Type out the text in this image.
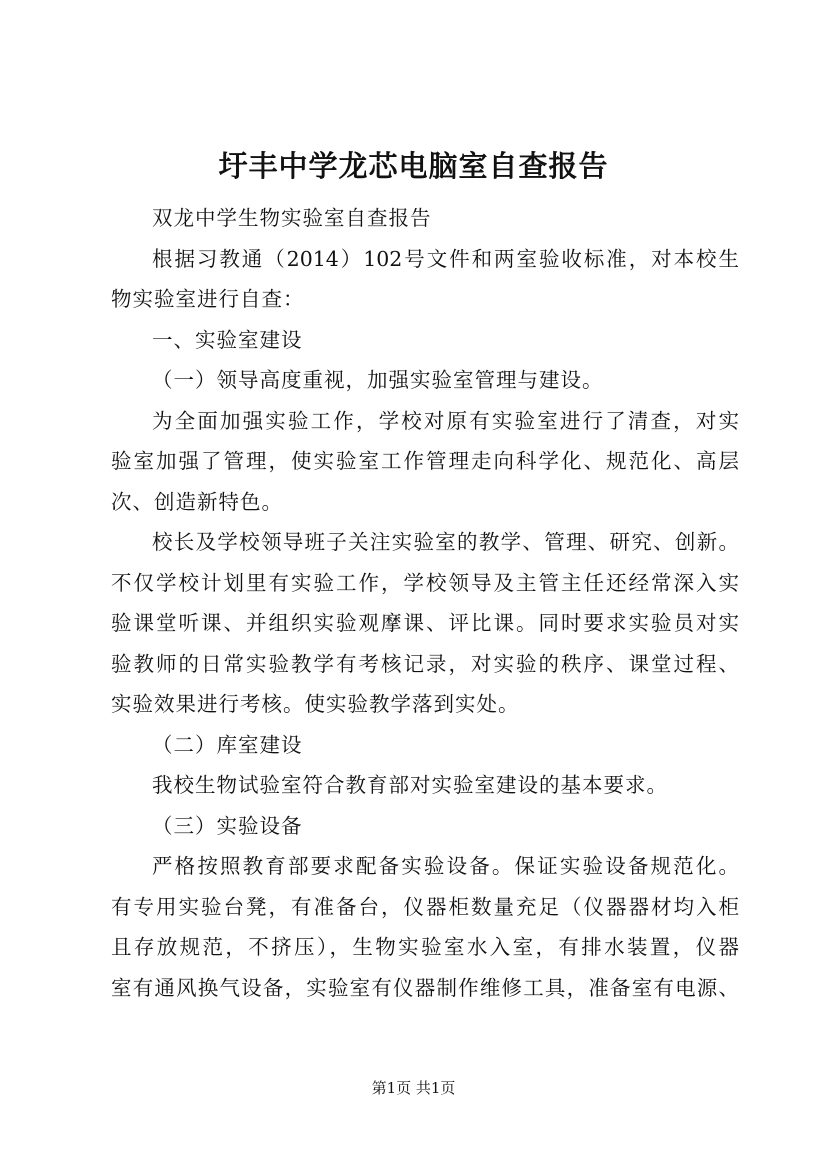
圩丰中学龙芯电脑室自查报告
双龙中学生物实验室自查报告
根据习教通（2014）102号文件和两室验收标准，对本校生
物实验室进行自查：
一、实验室建设
（一）领导高度重视，加强实验室管理与建设。
为全面加强实验工作，学校对原有实验室进行了清查，对实
验室加强了管理，使实验室工作管理走向科学化、规范化、高层
次、创造新特色。
校长及学校领导班子关注实验室的教学、管理、研究、创新。
不仅学校计划里有实验工作，学校领导及主管主任还经常深入实
验课堂听课、并组织实验观摩课、评比课。同时要求实验员对实
验教师的日常实验教学有考核记录，对实验的秩序、课堂过程、
实验效果进行考核。使实验教学落到实处。
（二）库室建设
我校生物试验室符合教育部对实验室建设的基本要求。
（三）实验设备
严格按照教育部要求配备实验设备。保证实验设备规范化。
有专用实验台凳，有准备台，仪器柜数量充足（仪器器材均入柜
且存放规范，不挤压），生物实验室水入室，有排水装置，仪器
室有通风换气设备，实验室有仪器制作维修工具，准备室有电源、
第1页 共1页
